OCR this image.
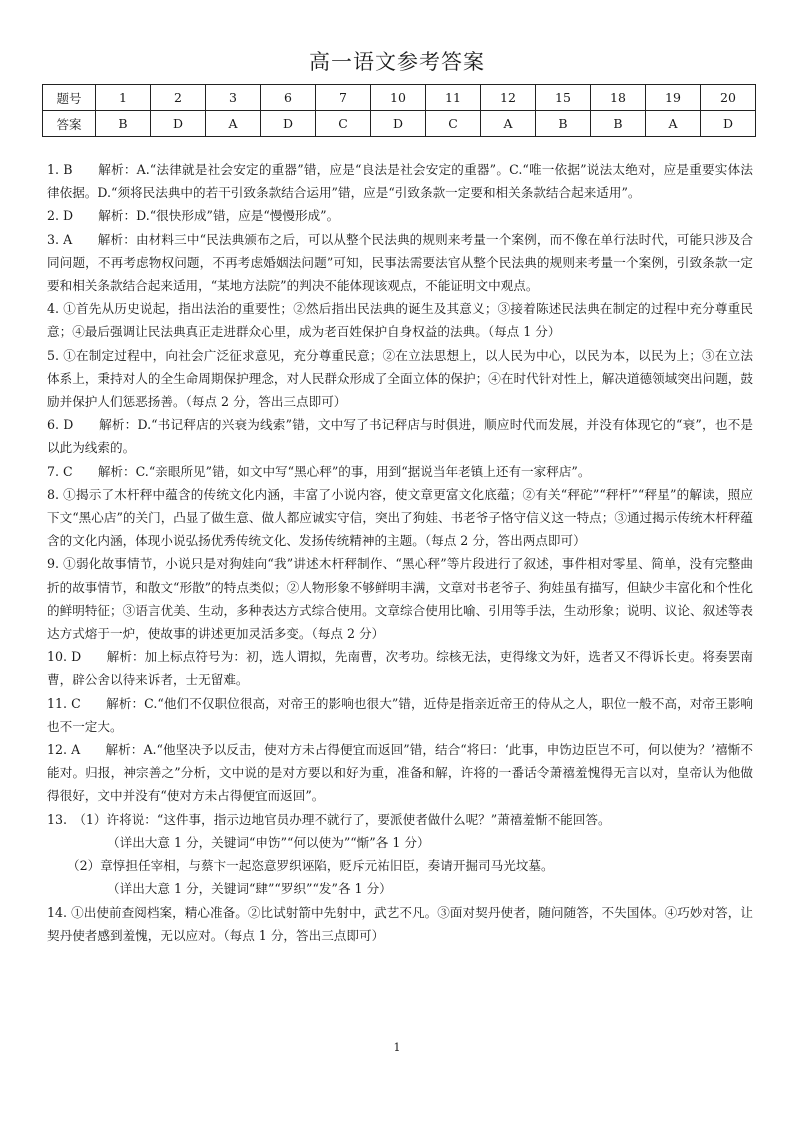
高一语文参考答案
题号	1	2	3	6	7	10	11	12	15	18	19	20
答案	B	D	A	D	C	D	C	A	B	B	A	D

1. B　　解析：A.“法律就是社会安定的重器”错，应是“良法是社会安定的重器”。C.“唯一依据”说法太绝对，应是重要实体法律依据。D.“须将民法典中的若干引致条款结合运用”错，应是“引致条款一定要和相关条款结合起来适用”。

2. D　　解析：D.“很快形成”错，应是“慢慢形成”。

3. A　　解析：由材料三中“民法典颁布之后，可以从整个民法典的规则来考量一个案例，而不像在单行法时代，可能只涉及合同问题，不再考虑物权问题，不再考虑婚姻法问题”可知，民事法需要法官从整个民法典的规则来考量一个案例，引致条款一定要和相关条款结合起来适用，“某地方法院”的判决不能体现该观点，不能证明文中观点。

4. ①首先从历史说起，指出法治的重要性；②然后指出民法典的诞生及其意义；③接着陈述民法典在制定的过程中充分尊重民意；④最后强调让民法典真正走进群众心里，成为老百姓保护自身权益的法典。（每点 1 分）

5. ①在制定过程中，向社会广泛征求意见，充分尊重民意；②在立法思想上，以人民为中心，以民为本，以民为上；③在立法体系上，秉持对人的全生命周期保护理念，对人民群众形成了全面立体的保护；④在时代针对性上，解决道德领域突出问题，鼓励并保护人们惩恶扬善。（每点 2 分，答出三点即可）

6. D　　解析：D.“书记秤店的兴衰为线索”错，文中写了书记秤店与时俱进，顺应时代而发展，并没有体现它的“衰”，也不是以此为线索的。

7. C　　解析：C.“亲眼所见”错，如文中写“黑心秤”的事，用到“据说当年老镇上还有一家秤店”。

8. ①揭示了木杆秤中蕴含的传统文化内涵，丰富了小说内容，使文章更富文化底蕴；②有关“秤砣”“秤杆”“秤星”的解读，照应下文“黑心店”的关门，凸显了做生意、做人都应诚实守信，突出了狗娃、书老爷子恪守信义这一特点；③通过揭示传统木杆秤蕴含的文化内涵，体现小说弘扬优秀传统文化、发扬传统精神的主题。（每点 2 分，答出两点即可）

9. ①弱化故事情节，小说只是对狗娃向“我”讲述木杆秤制作、“黑心秤”等片段进行了叙述，事件相对零星、简单，没有完整曲折的故事情节，和散文“形散”的特点类似；②人物形象不够鲜明丰满，文章对书老爷子、狗娃虽有描写，但缺少丰富化和个性化的鲜明特征；③语言优美、生动，多种表达方式综合使用。文章综合使用比喻、引用等手法，生动形象；说明、议论、叙述等表达方式熔于一炉，使故事的讲述更加灵活多变。（每点 2 分）

10. D　　解析：加上标点符号为：初，选人谓拟，先南曹，次考功。综核无法，吏得缘文为奸，选者又不得诉长吏。将奏罢南曹，辟公舍以待来诉者，士无留难。

11. C　　解析：C.“他们不仅职位很高，对帝王的影响也很大”错，近侍是指亲近帝王的侍从之人，职位一般不高，对帝王影响也不一定大。

12. A　　解析：A.“他坚决予以反击，使对方未占得便宜而返回”错，结合“将曰：‘此事，申饬边臣岂不可，何以使为？’禧惭不能对。归报，神宗善之”分析，文中说的是对方要以和好为重，准备和解，许将的一番话令萧禧羞愧得无言以对，皇帝认为他做得很好，文中并没有“使对方未占得便宜而返回”。

13.　（1）许将说：“这件事，指示边地官员办理不就行了，要派使者做什么呢？”萧禧羞惭不能回答。

（详出大意 1 分，关键词“申饬”“何以使为”“惭”各 1 分）

（2）章惇担任宰相，与蔡卞一起恣意罗织诬陷，贬斥元祐旧臣，奏请开掘司马光坟墓。

（详出大意 1 分，关键词“肆”“罗织”“发”各 1 分）

14. ①出使前查阅档案，精心准备。②比试射箭中先射中，武艺不凡。③面对契丹使者，随问随答，不失国体。④巧妙对答，让契丹使者感到羞愧，无以应对。（每点 1 分，答出三点即可）

1
